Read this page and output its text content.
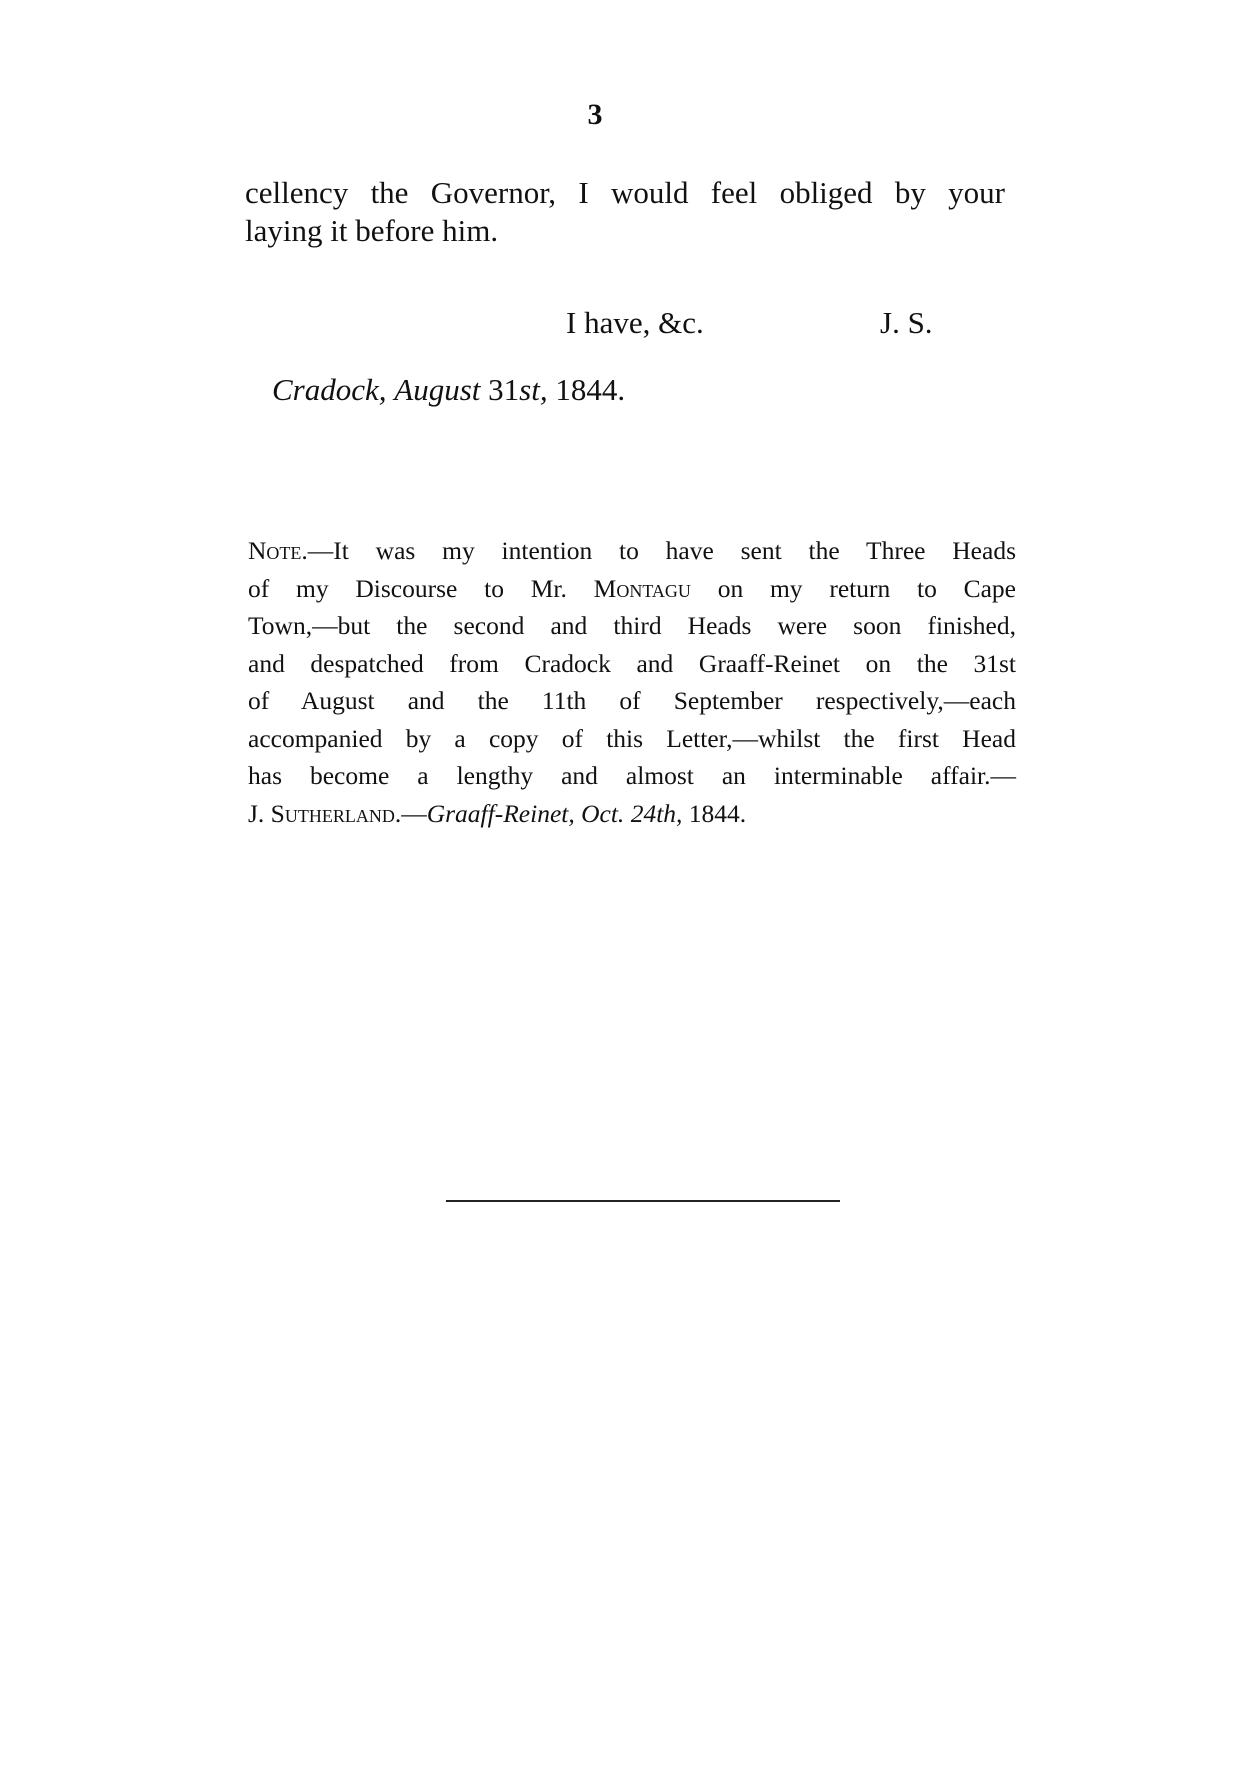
3
cellency the Governor, I would feel obliged by your
laying it before him.
I have, &c.	J. S.
Cradock, August 31st, 1844.
Note.—It was my intention to have sent the Three Heads
of my Discourse to Mr. Montagu on my return to Cape
Town,—but the second and third Heads were soon finished,
and despatched from Cradock and Graaff-Reinet on the 31st
of August and the 11th of September respectively,—each
accompanied by a copy of this Letter,—whilst the first Head
has become a lengthy and almost an interminable affair.—
J. Sutherland.—Graaff-Reinet, Oct. 24th, 1844.
